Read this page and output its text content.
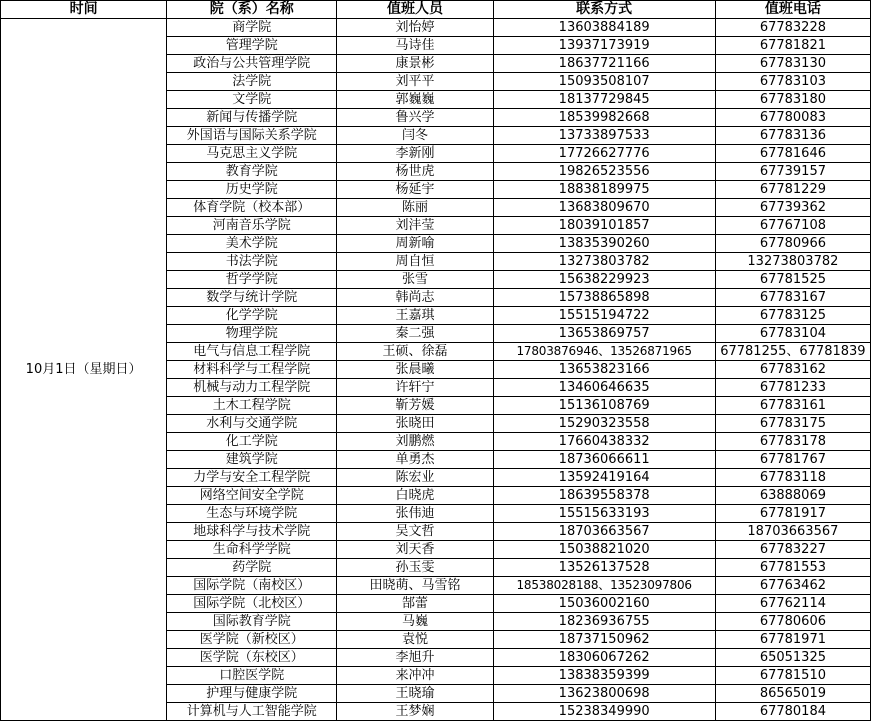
时间	院（系）名称	值班人员	联系方式	值班电话
10月1日（星期日）	商学院	刘怡婷	13603884189	67783228
	管理学院	马诗佳	13937173919	67781821
	政治与公共管理学院	康景彬	18637721166	67783130
	法学院	刘平平	15093508107	67783103
	文学院	郭巍巍	18137729845	67783180
	新闻与传播学院	鲁兴学	18539982668	67780083
	外国语与国际关系学院	闫冬	13733897533	67783136
	马克思主义学院	李新刚	17726627776	67781646
	教育学院	杨世虎	19826523556	67739157
	历史学院	杨延宇	18838189975	67781229
	体育学院（校本部）	陈丽	13683809670	67739362
	河南音乐学院	刘沣莹	18039101857	67767108
	美术学院	周新喻	13835390260	67780966
	书法学院	周自恒	13273803782	13273803782
	哲学学院	张雪	15638229923	67781525
	数学与统计学院	韩尚志	15738865898	67783167
	化学学院	王嘉琪	15515194722	67783125
	物理学院	秦二强	13653869757	67783104
	电气与信息工程学院	王硕、徐磊	17803876946、13526871965	67781255、67781839
	材料科学与工程学院	张晨曦	13653823166	67783162
	机械与动力工程学院	许轩宁	13460646635	67781233
	土木工程学院	靳芳媛	15136108769	67783161
	水利与交通学院	张晓田	15290323558	67783175
	化工学院	刘鹏燃	17660438332	67783178
	建筑学院	单勇杰	18736066611	67781767
	力学与安全工程学院	陈宏业	13592419164	67783118
	网络空间安全学院	白晓虎	18639558378	63888069
	生态与环境学院	张伟迪	15515633193	67781917
	地球科学与技术学院	吴文哲	18703663567	18703663567
	生命科学学院	刘天香	15038821020	67783227
	药学院	孙玉雯	13526137528	67781553
	国际学院（南校区）	田晓萌、马雪铭	18538028188、13523097806	67763462
	国际学院（北校区）	郜蕾	15036002160	67762114
	国际教育学院	马巍	18236936755	67780606
	医学院（新校区）	袁悦	18737150962	67781971
	医学院（东校区）	李旭升	18306067262	65051325
	口腔医学院	来冲冲	13838359399	67781510
	护理与健康学院	王晓瑜	13623800698	86565019
	计算机与人工智能学院	王梦娴	15238349990	67780184
